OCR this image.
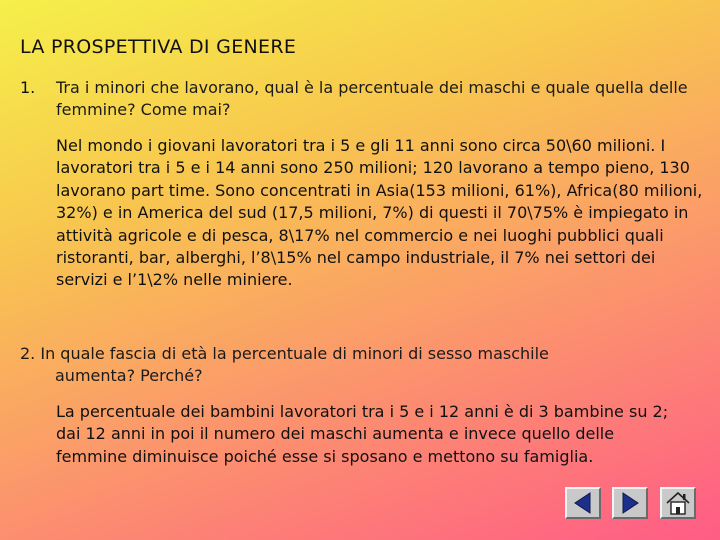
LA PROSPETTIVA DI GENERE
1. Tra i minori che lavorano, qual è la percentuale dei maschi e quale quella delle femmine? Come mai?
Nel mondo i giovani lavoratori tra i 5 e gli 11 anni sono circa 50\60 milioni. I lavoratori tra i 5 e i 14 anni sono 250 milioni; 120 lavorano a tempo pieno, 130 lavorano part time. Sono concentrati in Asia(153 milioni, 61%), Africa(80 milioni, 32%) e in America del sud (17,5 milioni, 7%) di questi il 70\75% è impiegato in attività agricole e di pesca, 8\17% nel commercio e nei luoghi pubblici quali ristoranti, bar, alberghi, l’8\15% nel campo industriale, il 7% nei settori dei servizi e l’1\2% nelle miniere.
2. In quale fascia di età la percentuale di minori di sesso maschile
aumenta? Perché?
La percentuale dei bambini lavoratori tra i 5 e i 12 anni è di 3 bambine su 2; dai 12 anni in poi il numero dei maschi aumenta e invece quello delle femmine diminuisce poiché esse si sposano e mettono su famiglia.
